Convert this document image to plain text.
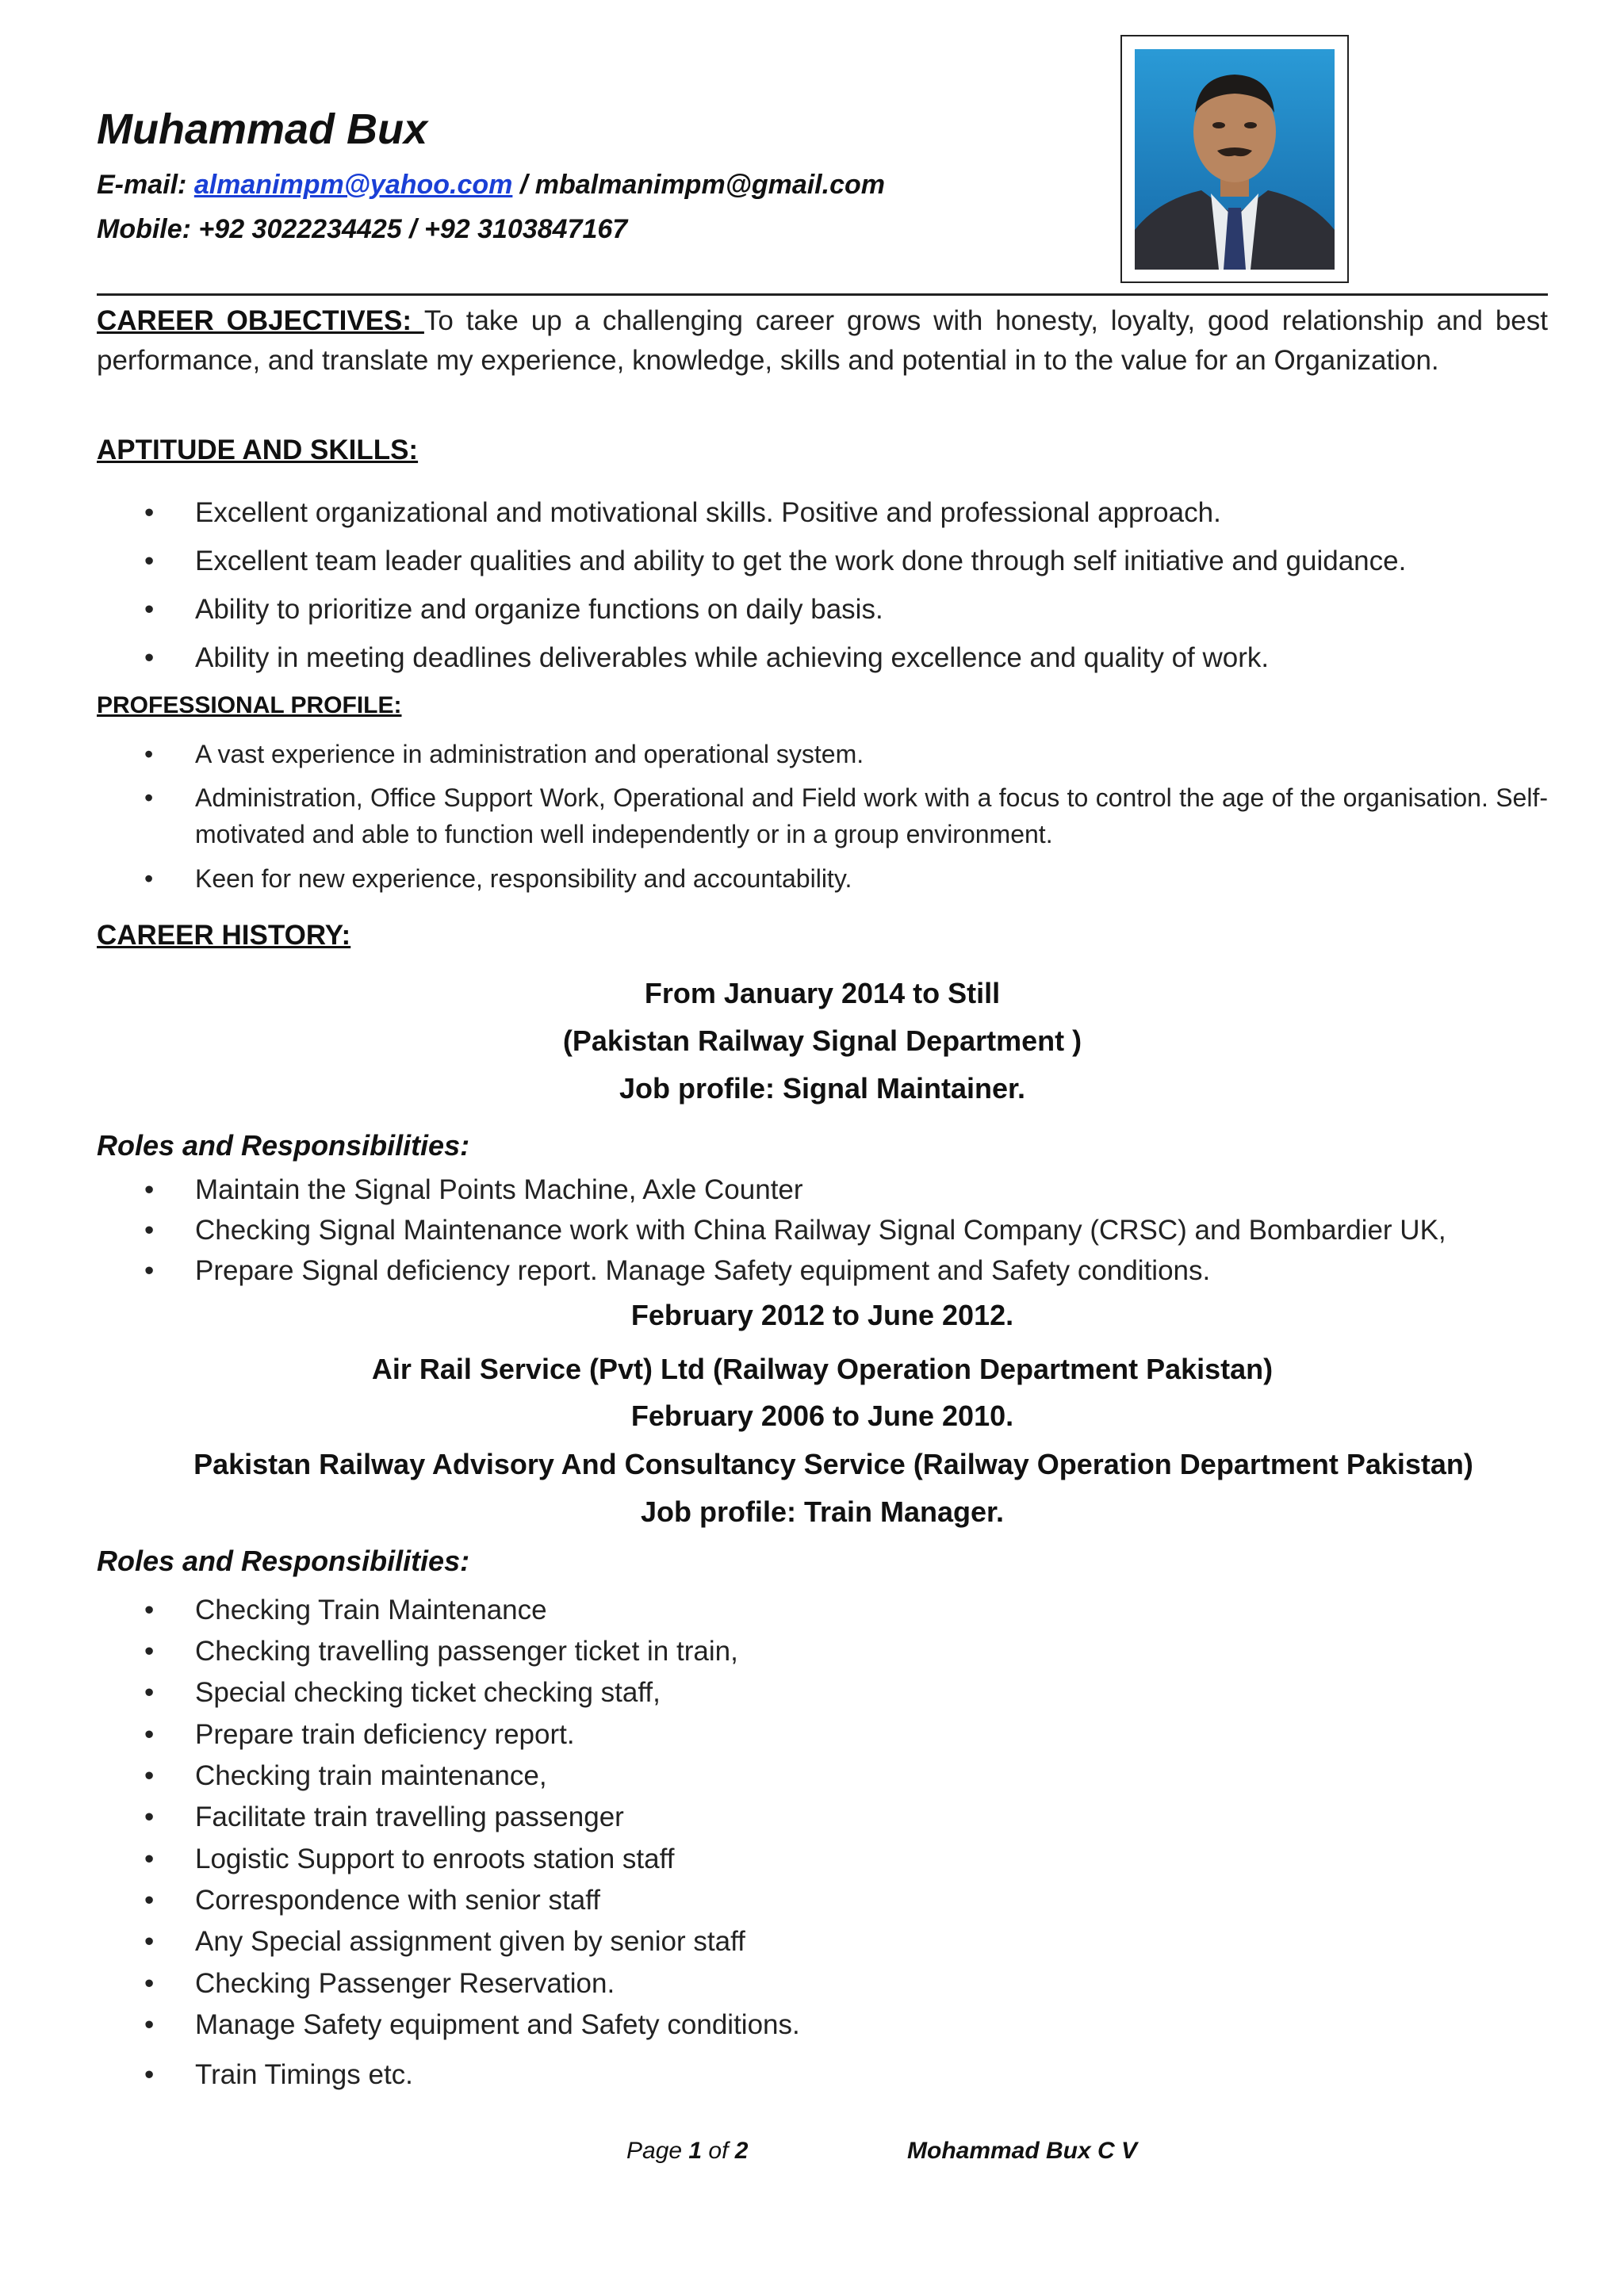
Muhammad Bux
E-mail: almanimpm@yahoo.com / mbalmanimpm@gmail.com
Mobile: +92 3022234425 / +92 3103847167
CAREER OBJECTIVES: To take up a challenging career grows with honesty, loyalty, good relationship and best performance, and translate my experience, knowledge, skills and potential in to the value for an Organization.
APTITUDE AND SKILLS:
•	Excellent organizational and motivational skills. Positive and professional approach.
•	Excellent team leader qualities and ability to get the work done through self initiative and guidance.
•	Ability to prioritize and organize functions on daily basis.
•	Ability in meeting deadlines deliverables while achieving excellence and quality of work.
PROFESSIONAL PROFILE:
•	A vast experience in administration and operational system.
•	Administration, Office Support Work, Operational and Field work with a focus to control the age of the organisation. Self- motivated and able to function well independently or in a group environment.
•	Keen for new experience, responsibility and accountability.
CAREER HISTORY:
From January 2014 to Still
(Pakistan Railway Signal Department )
Job profile: Signal Maintainer.
Roles and Responsibilities:
•	Maintain the Signal Points Machine, Axle Counter
•	Checking Signal Maintenance work with China Railway Signal Company (CRSC) and Bombardier UK,
•	Prepare Signal deficiency report. Manage Safety equipment and Safety conditions.
February 2012 to June 2012.
Air Rail Service (Pvt) Ltd (Railway Operation Department Pakistan)
February 2006 to June 2010.
Pakistan Railway Advisory And Consultancy Service (Railway Operation Department Pakistan)
Job profile: Train Manager.
Roles and Responsibilities:
•	Checking Train Maintenance
•	Checking travelling passenger ticket in train,
•	Special checking ticket checking staff,
•	Prepare train deficiency report.
•	Checking train maintenance,
•	Facilitate train travelling passenger
•	Logistic Support to enroots station staff
•	Correspondence with senior staff
•	Any Special assignment given by senior staff
•	Checking Passenger Reservation.
•	Manage Safety equipment and Safety conditions.
•	Train Timings etc.
Page 1 of 2	Mohammad Bux C V
